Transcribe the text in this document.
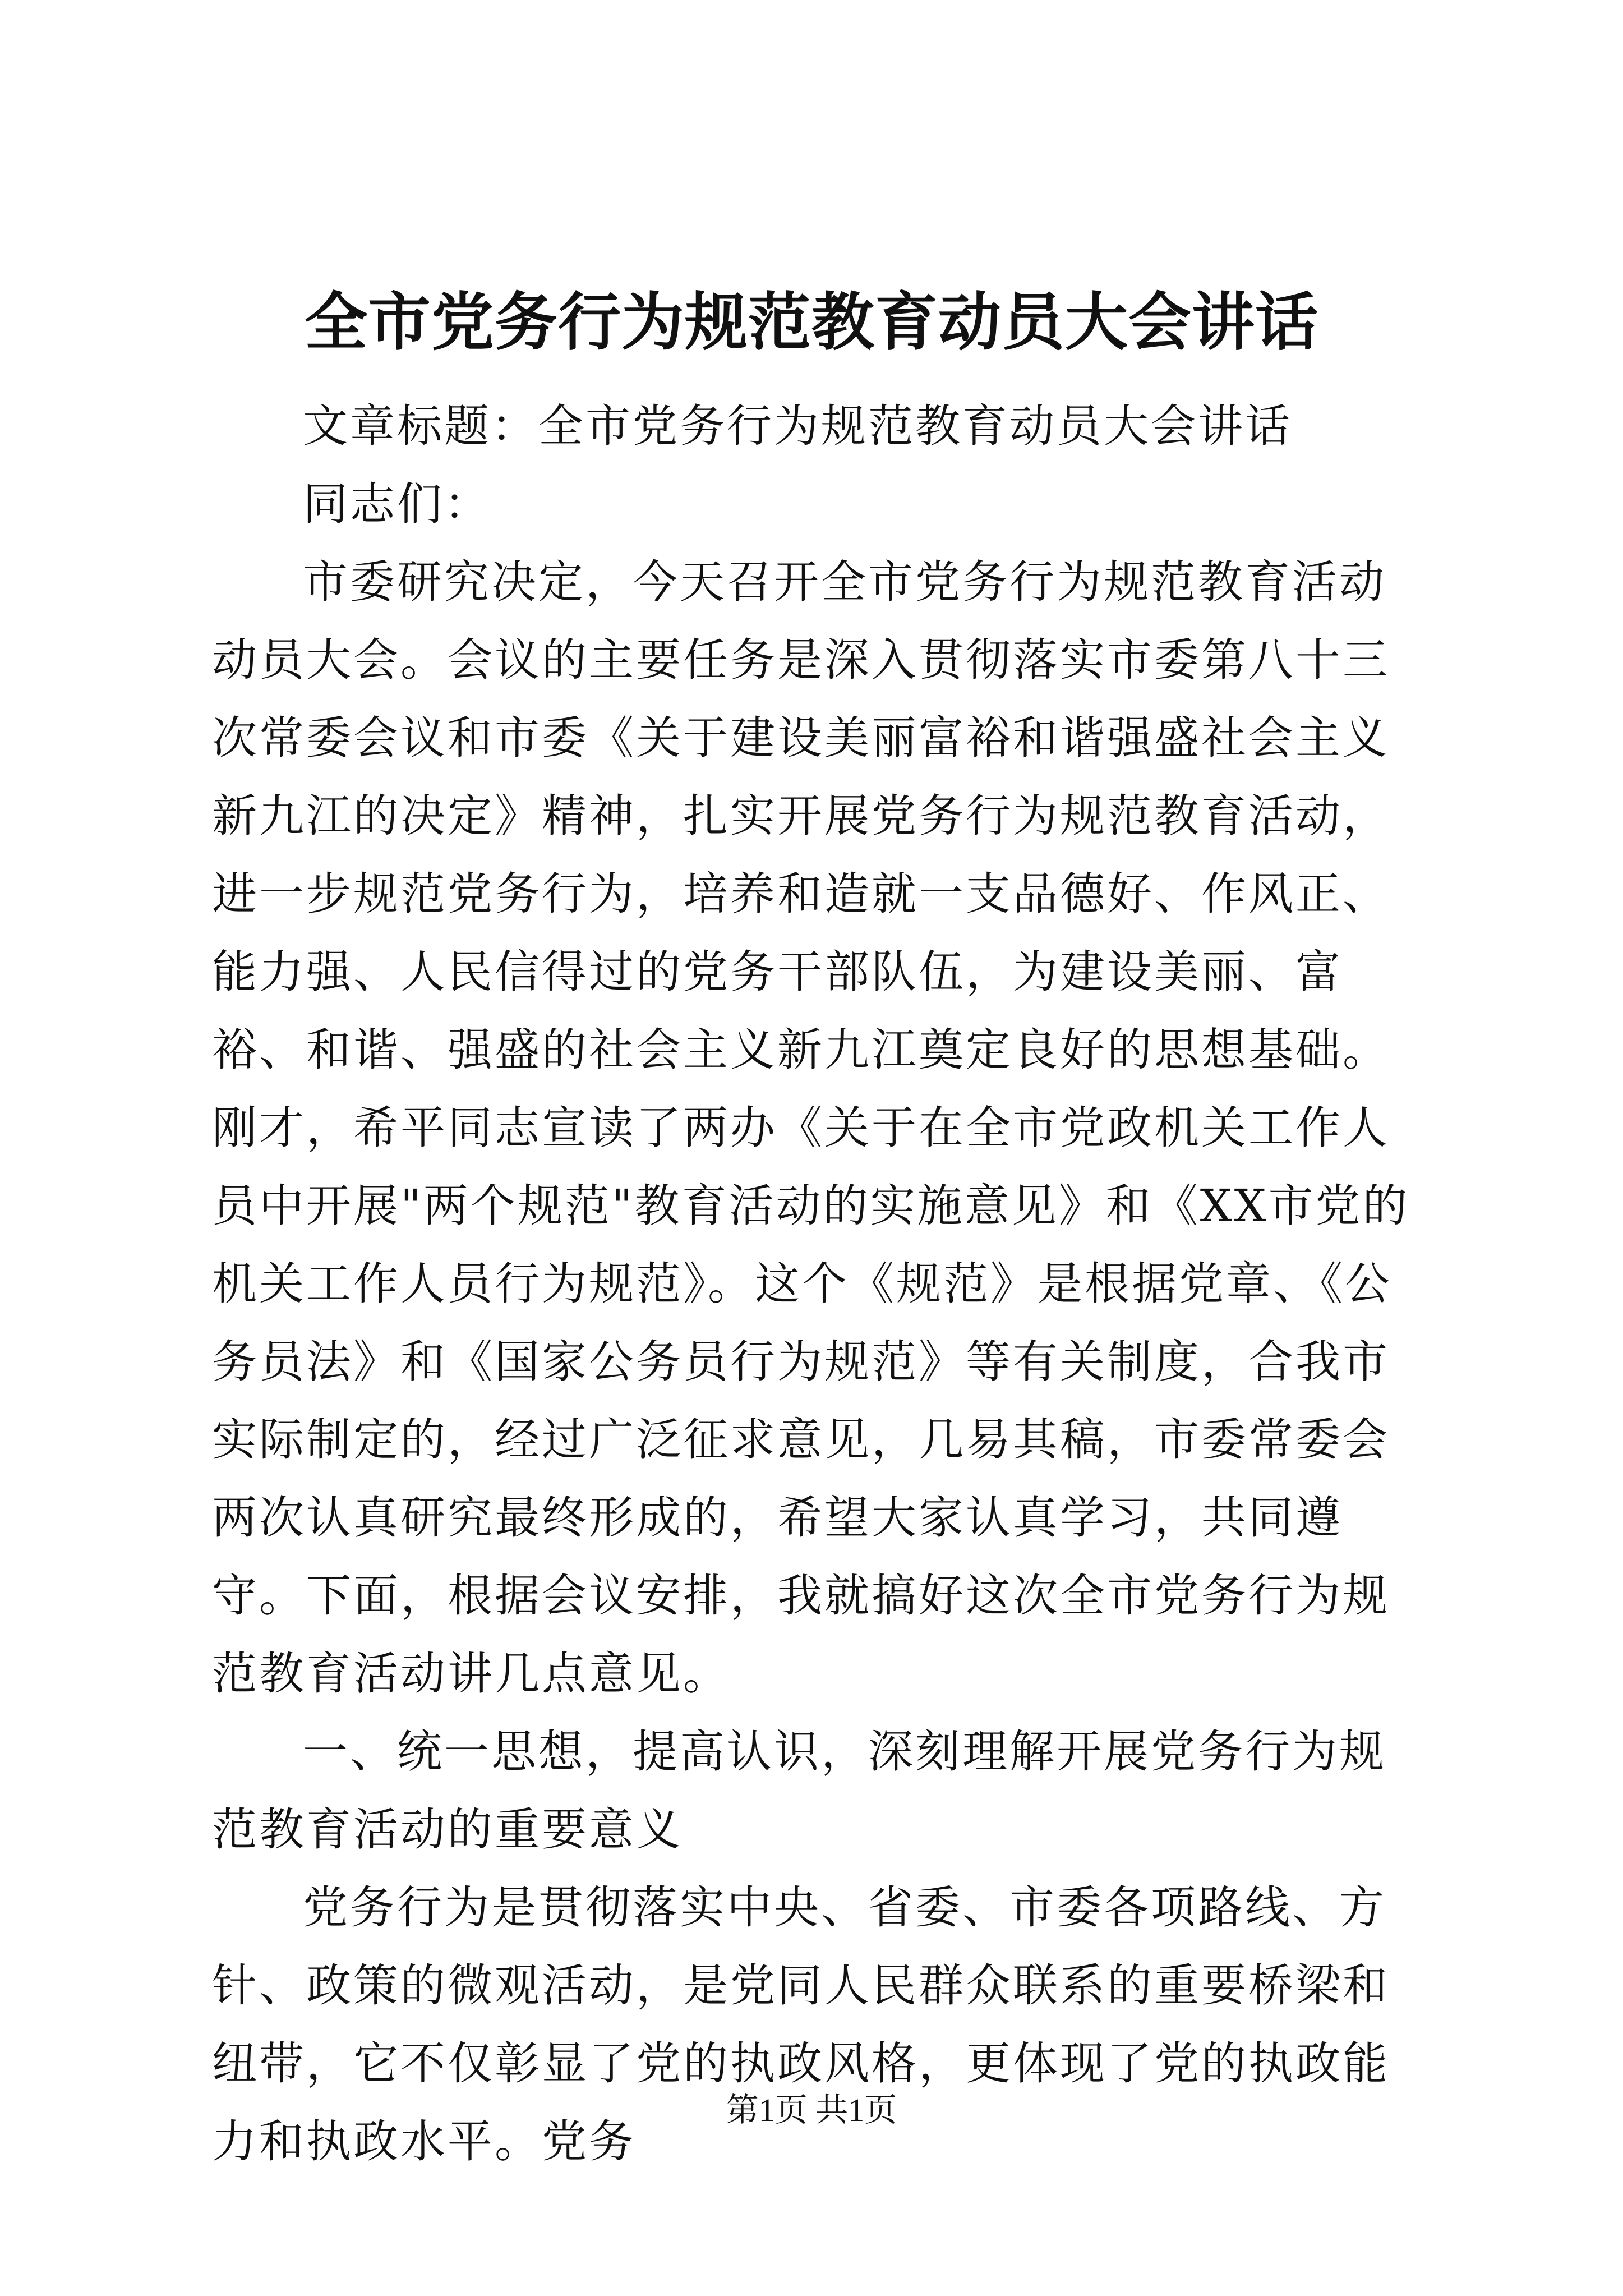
全市党务行为规范教育动员大会讲话

文章标题：全市党务行为规范教育动员大会讲话

同志们：

市委研究决定，今天召开全市党务行为规范教育活动动员大会。会议的主要任务是深入贯彻落实市委第八十三次常委会议和市委《关于建设美丽富裕和谐强盛社会主义新九江的决定》精神，扎实开展党务行为规范教育活动，进一步规范党务行为，培养和造就一支品德好、作风正、能力强、人民信得过的党务干部队伍，为建设美丽、富裕、和谐、强盛的社会主义新九江奠定良好的思想基础。刚才，希平同志宣读了两办《关于在全市党政机关工作人员中开展"两个规范"教育活动的实施意见》和《XX市党的机关工作人员行为规范》。这个《规范》是根据党章、《公务员法》和《国家公务员行为规范》等有关制度，合我市实际制定的，经过广泛征求意见，几易其稿，市委常委会两次认真研究最终形成的，希望大家认真学习，共同遵守。下面，根据会议安排，我就搞好这次全市党务行为规范教育活动讲几点意见。

一、统一思想，提高认识，深刻理解开展党务行为规范教育活动的重要意义

党务行为是贯彻落实中央、省委、市委各项路线、方针、政策的微观活动，是党同人民群众联系的重要桥梁和纽带，它不仅彰显了党的执政风格，更体现了党的执政能力和执政水平。党务

第1页 共1页
